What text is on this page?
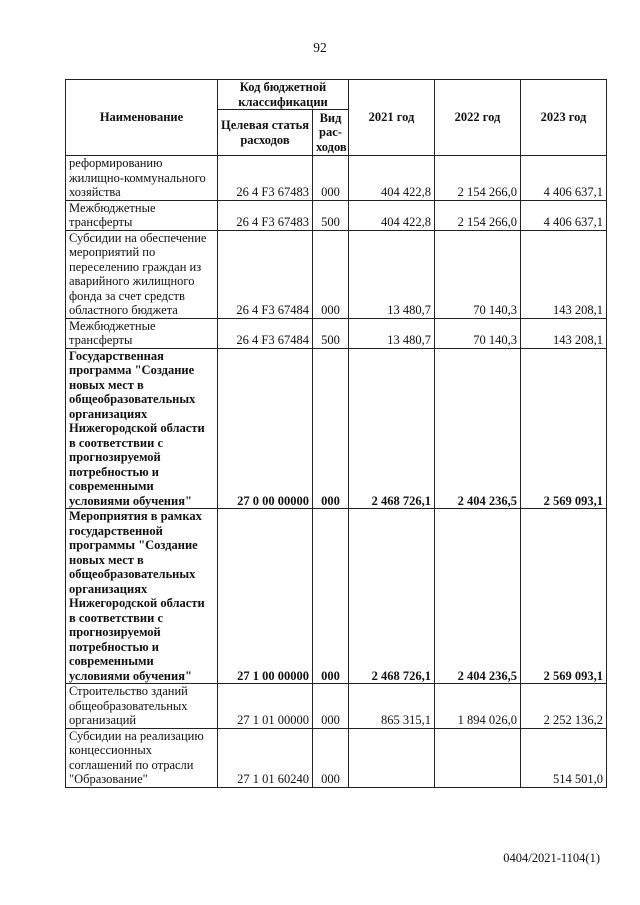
92
Наименование	Код бюджетной классификации		2021 год	2022 год	2023 год
	Целевая статья расходов	Вид рас-ходов			
реформированию жилищно-коммунального хозяйства	26 4 F3 67483	000	404 422,8	2 154 266,0	4 406 637,1
Межбюджетные трансферты	26 4 F3 67483	500	404 422,8	2 154 266,0	4 406 637,1
Субсидии на обеспечение мероприятий по переселению граждан из аварийного жилищного фонда за счет средств областного бюджета	26 4 F3 67484	000	13 480,7	70 140,3	143 208,1
Межбюджетные трансферты	26 4 F3 67484	500	13 480,7	70 140,3	143 208,1
Государственная программа "Создание новых мест в общеобразовательных организациях Нижегородской области в соответствии с прогнозируемой потребностью и современными условиями обучения"	27 0 00 00000	000	2 468 726,1	2 404 236,5	2 569 093,1
Мероприятия в рамках государственной программы "Создание новых мест в общеобразовательных организациях Нижегородской области в соответствии с прогнозируемой потребностью и современными условиями обучения"	27 1 00 00000	000	2 468 726,1	2 404 236,5	2 569 093,1
Строительство зданий общеобразовательных организаций	27 1 01 00000	000	865 315,1	1 894 026,0	2 252 136,2
Субсидии на реализацию концессионных соглашений по отрасли "Образование"	27 1 01 60240	000			514 501,0
0404/2021-1104(1)
